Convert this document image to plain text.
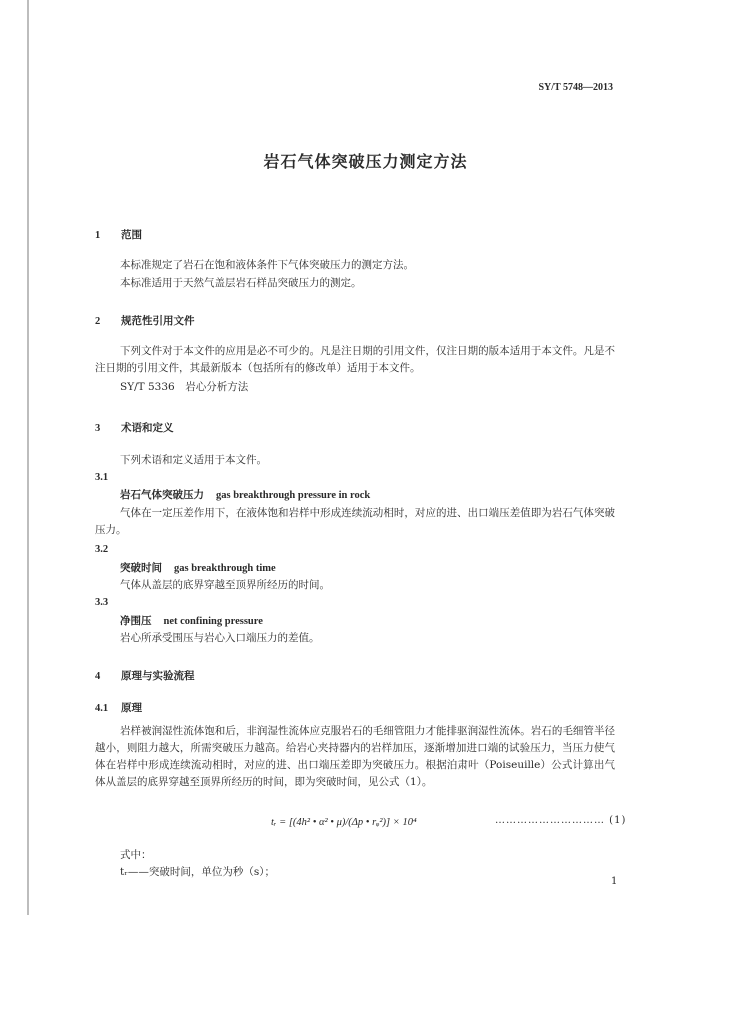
SY/T 5748—2013
岩石气体突破压力测定方法
1 范围
本标准规定了岩石在饱和液体条件下气体突破压力的测定方法。
本标准适用于天然气盖层岩石样品突破压力的测定。
2 规范性引用文件
下列文件对于本文件的应用是必不可少的。凡是注日期的引用文件，仅注日期的版本适用于本文件。凡是不注日期的引用文件，其最新版本（包括所有的修改单）适用于本文件。
SY/T 5336　岩心分析方法
3 术语和定义
下列术语和定义适用于本文件。
3.1
岩石气体突破压力 gas breakthrough pressure in rock
气体在一定压差作用下，在液体饱和岩样中形成连续流动相时，对应的进、出口端压差值即为岩石气体突破压力。
3.2
突破时间 gas breakthrough time
气体从盖层的底界穿越至顶界所经历的时间。
3.3
净围压 net confining pressure
岩心所承受围压与岩心入口端压力的差值。
4 原理与实验流程
4.1 原理
岩样被润湿性流体饱和后，非润湿性流体应克服岩石的毛细管阻力才能排驱润湿性流体。岩石的毛细管半径越小，则阻力越大，所需突破压力越高。给岩心夹持器内的岩样加压，逐渐增加进口端的试验压力，当压力使气体在岩样中形成连续流动相时，对应的进、出口端压差即为突破压力。根据泊肃叶（Poiseuille）公式计算出气体从盖层的底界穿越至顶界所经历的时间，即为突破时间，见公式（1）。
tᵣ = [(4h² • α² • μ)/(Δp • rᵩ²)] × 10⁴	………………………… (1)
式中：
tᵣ——突破时间，单位为秒（s）；
1
